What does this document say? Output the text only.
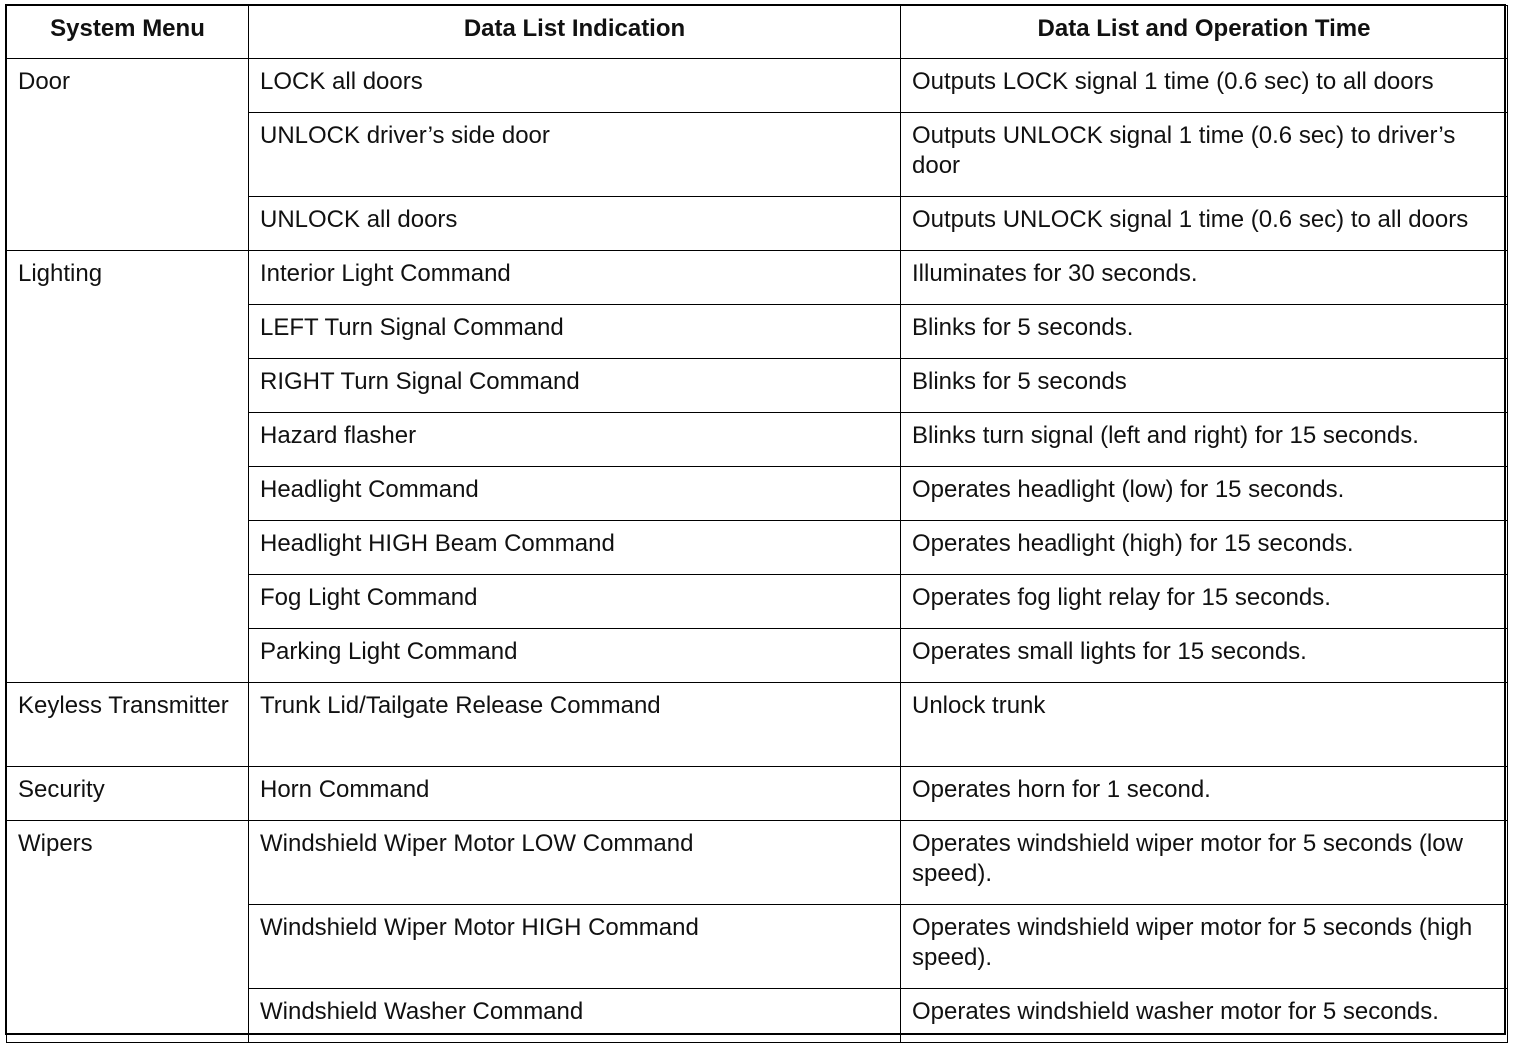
System Menu	Data List Indication	Data List and Operation Time
Door	LOCK all doors	Outputs LOCK signal 1 time (0.6 sec) to all doors
	UNLOCK driver’s side door	Outputs UNLOCK signal 1 time (0.6 sec) to driver’s door
	UNLOCK all doors	Outputs UNLOCK signal 1 time (0.6 sec) to all doors
Lighting	Interior Light Command	Illuminates for 30 seconds.
	LEFT Turn Signal Command	Blinks for 5 seconds.
	RIGHT Turn Signal Command	Blinks for 5 seconds
	Hazard flasher	Blinks turn signal (left and right) for 15 seconds.
	Headlight Command	Operates headlight (low) for 15 seconds.
	Headlight HIGH Beam Command	Operates headlight (high) for 15 seconds.
	Fog Light Command	Operates fog light relay for 15 seconds.
	Parking Light Command	Operates small lights for 15 seconds.
Keyless Transmitter	Trunk Lid/Tailgate Release Command	Unlock trunk
Security	Horn Command	Operates horn for 1 second.
Wipers	Windshield Wiper Motor LOW Command	Operates windshield wiper motor for 5 seconds (low speed).
	Windshield Wiper Motor HIGH Command	Operates windshield wiper motor for 5 seconds (high speed).
	Windshield Washer Command	Operates windshield washer motor for 5 seconds.
